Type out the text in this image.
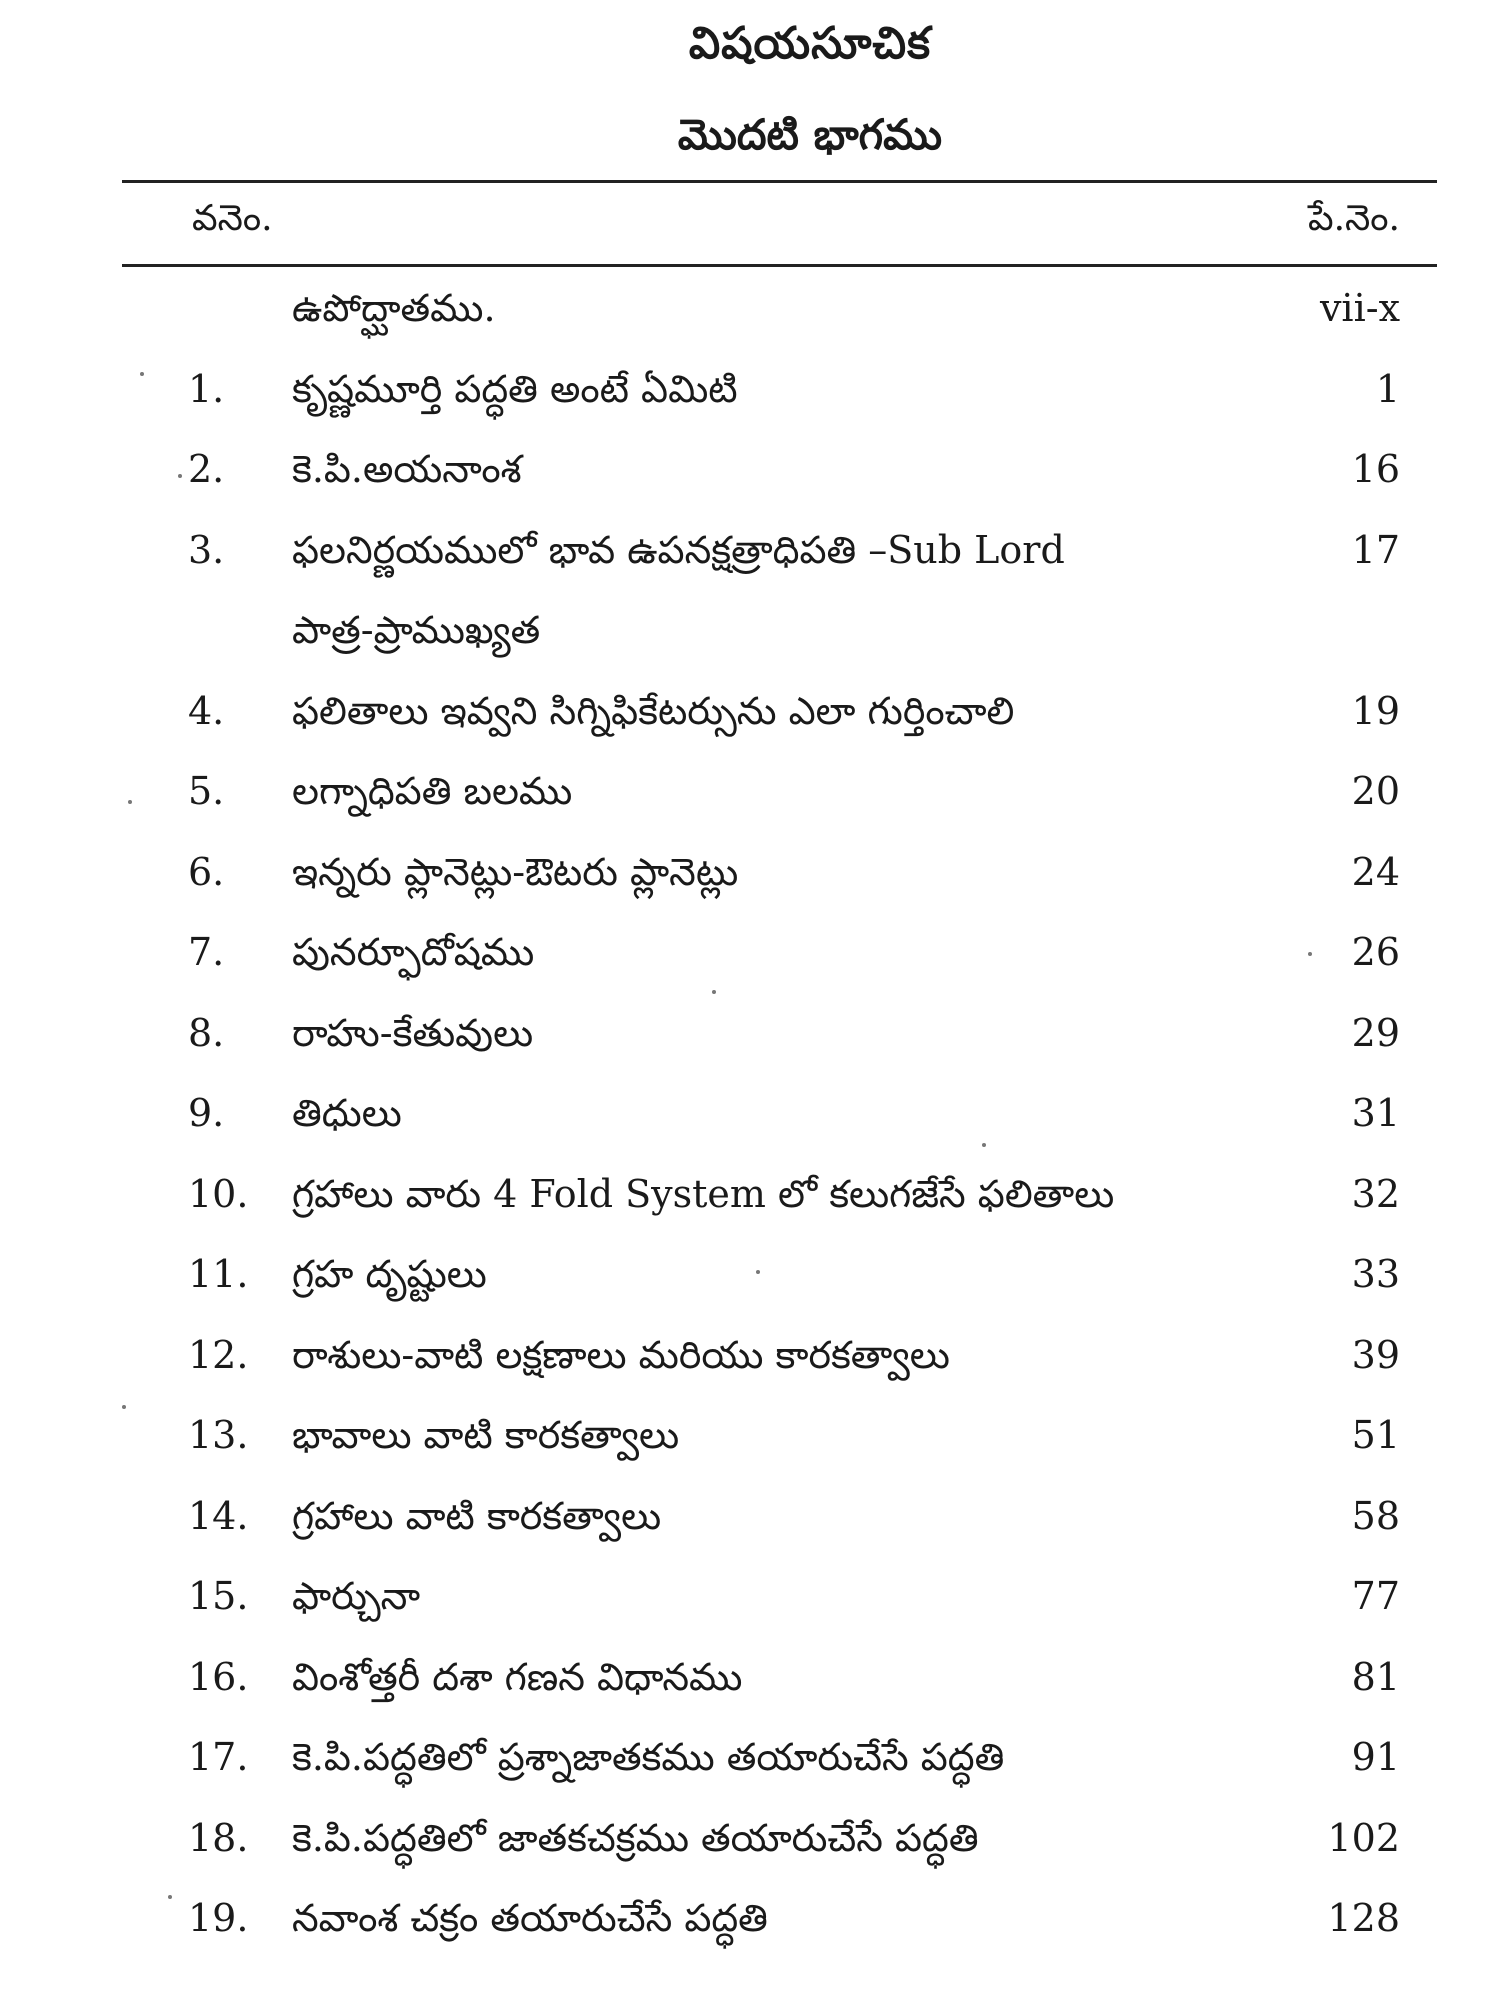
విషయసూచిక
మొదటి భాగము
వనెం.	పే.నెం.
ఉపోద్ఘాతము.	vii-x
1. కృష్ణమూర్తి పద్ధతి అంటే ఏమిటి	1
2. కె.పి.అయనాంశ	16
3. ఫలనిర్ణయములో భావ ఉపనక్షత్రాధిపతి –Sub Lord	17
పాత్ర-ప్రాముఖ్యత
4. ఫలితాలు ఇవ్వని సిగ్నిఫికేటర్సును ఎలా గుర్తించాలి	19
5. లగ్నాధిపతి బలము	20
6. ఇన్నరు ప్లానెట్లు-ఔటరు ప్లానెట్లు	24
7. పునర్ఫూదోషము	26
8. రాహు-కేతువులు	29
9. తిధులు	31
10. గ్రహాలు వారు 4 Fold System లో కలుగజేసే ఫలితాలు	32
11. గ్రహ దృష్టులు	33
12. రాశులు-వాటి లక్షణాలు మరియు కారకత్వాలు	39
13. భావాలు వాటి కారకత్వాలు	51
14. గ్రహాలు వాటి కారకత్వాలు	58
15. ఫార్చునా	77
16. వింశోత్తరీ దశా గణన విధానము	81
17. కె.పి.పద్ధతిలో ప్రశ్నాజాతకము తయారుచేసే పద్ధతి	91
18. కె.పి.పద్ధతిలో జాతకచక్రము తయారుచేసే పద్ధతి	102
19. నవాంశ చక్రం తయారుచేసే పద్ధతి	128
